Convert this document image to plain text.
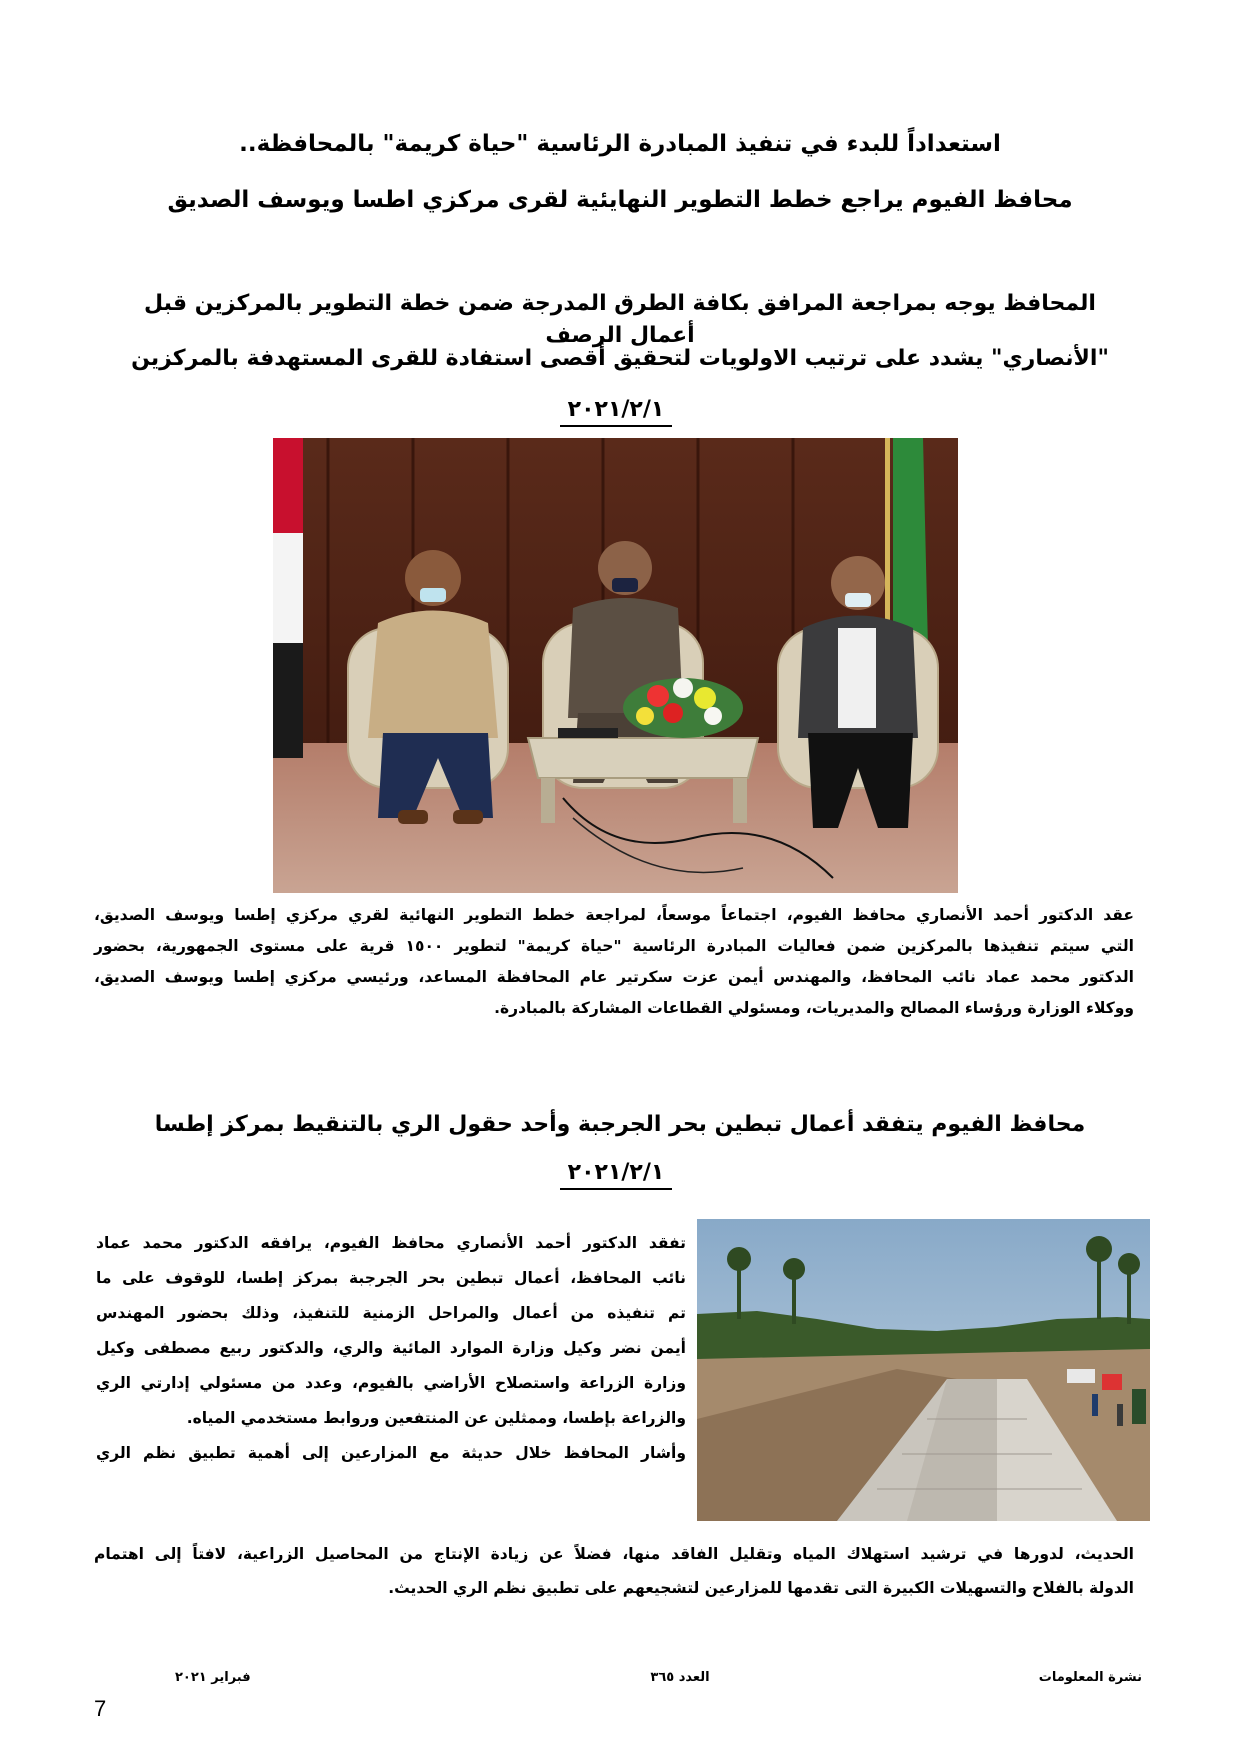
استعداداً للبدء في تنفيذ المبادرة الرئاسية "حياة كريمة" بالمحافظة..
محافظ الفيوم يراجع خطط التطوير النهايئية لقرى مركزي اطسا ويوسف الصديق
المحافظ يوجه بمراجعة المرافق بكافة الطرق المدرجة ضمن خطة التطوير بالمركزين قبل أعمال الرصف
"الأنصاري" يشدد على ترتيب الاولويات لتحقيق أقصى استفادة للقرى المستهدفة بالمركزين
٢٠٢١/٢/١

عقد الدكتور أحمد الأنصاري محافظ الفيوم، اجتماعاً موسعاً، لمراجعة خطط التطوير النهائية لقري مركزي إطسا ويوسف الصديق،

التي سيتم تنفيذها بالمركزين ضمن فعاليات المبادرة الرئاسية "حياة كريمة" لتطوير ١٥٠٠ قرية على مستوى الجمهورية، بحضور

الدكتور محمد عماد نائب المحافظ، والمهندس أيمن عزت سكرتير عام المحافظة المساعد، ورئيسي مركزي إطسا ويوسف الصديق،

ووكلاء الوزارة ورؤساء المصالح والمديريات، ومسئولي القطاعات المشاركة بالمبادرة.

محافظ الفيوم يتفقد أعمال تبطين بحر الجرجبة وأحد حقول الري بالتنقيط بمركز إطسا
٢٠٢١/٢/١

تفقد الدكتور أحمد الأنصاري محافظ الفيوم، يرافقه الدكتور محمد عماد

نائب المحافظ، أعمال تبطين بحر الجرجبة بمركز إطسا، للوقوف على ما

تم تنفيذه من أعمال والمراحل الزمنية للتنفيذ، وذلك بحضور المهندس

أيمن نضر وكيل وزارة الموارد المائية والري، والدكتور ربيع مصطفى وكيل

وزارة الزراعة واستصلاح الأراضي بالفيوم، وعدد من مسئولي إدارتي الري

والزراعة بإطسا، وممثلين عن المنتفعين وروابط مستخدمي المياه.

وأشار المحافظ خلال حديثة مع المزارعين إلى أهمية تطبيق نظم الري

الحديث، لدورها في ترشيد استهلاك المياه وتقليل الفاقد منها، فضلاً عن زيادة الإنتاج من المحاصيل الزراعية، لافتاً إلى اهتمام

الدولة بالفلاح والتسهيلات الكبيرة التى تقدمها للمزارعين لتشجيعهم على تطبيق نظم الري الحديث.

نشرة المعلومات
العدد ٣٦٥
فبراير ٢٠٢١
7
